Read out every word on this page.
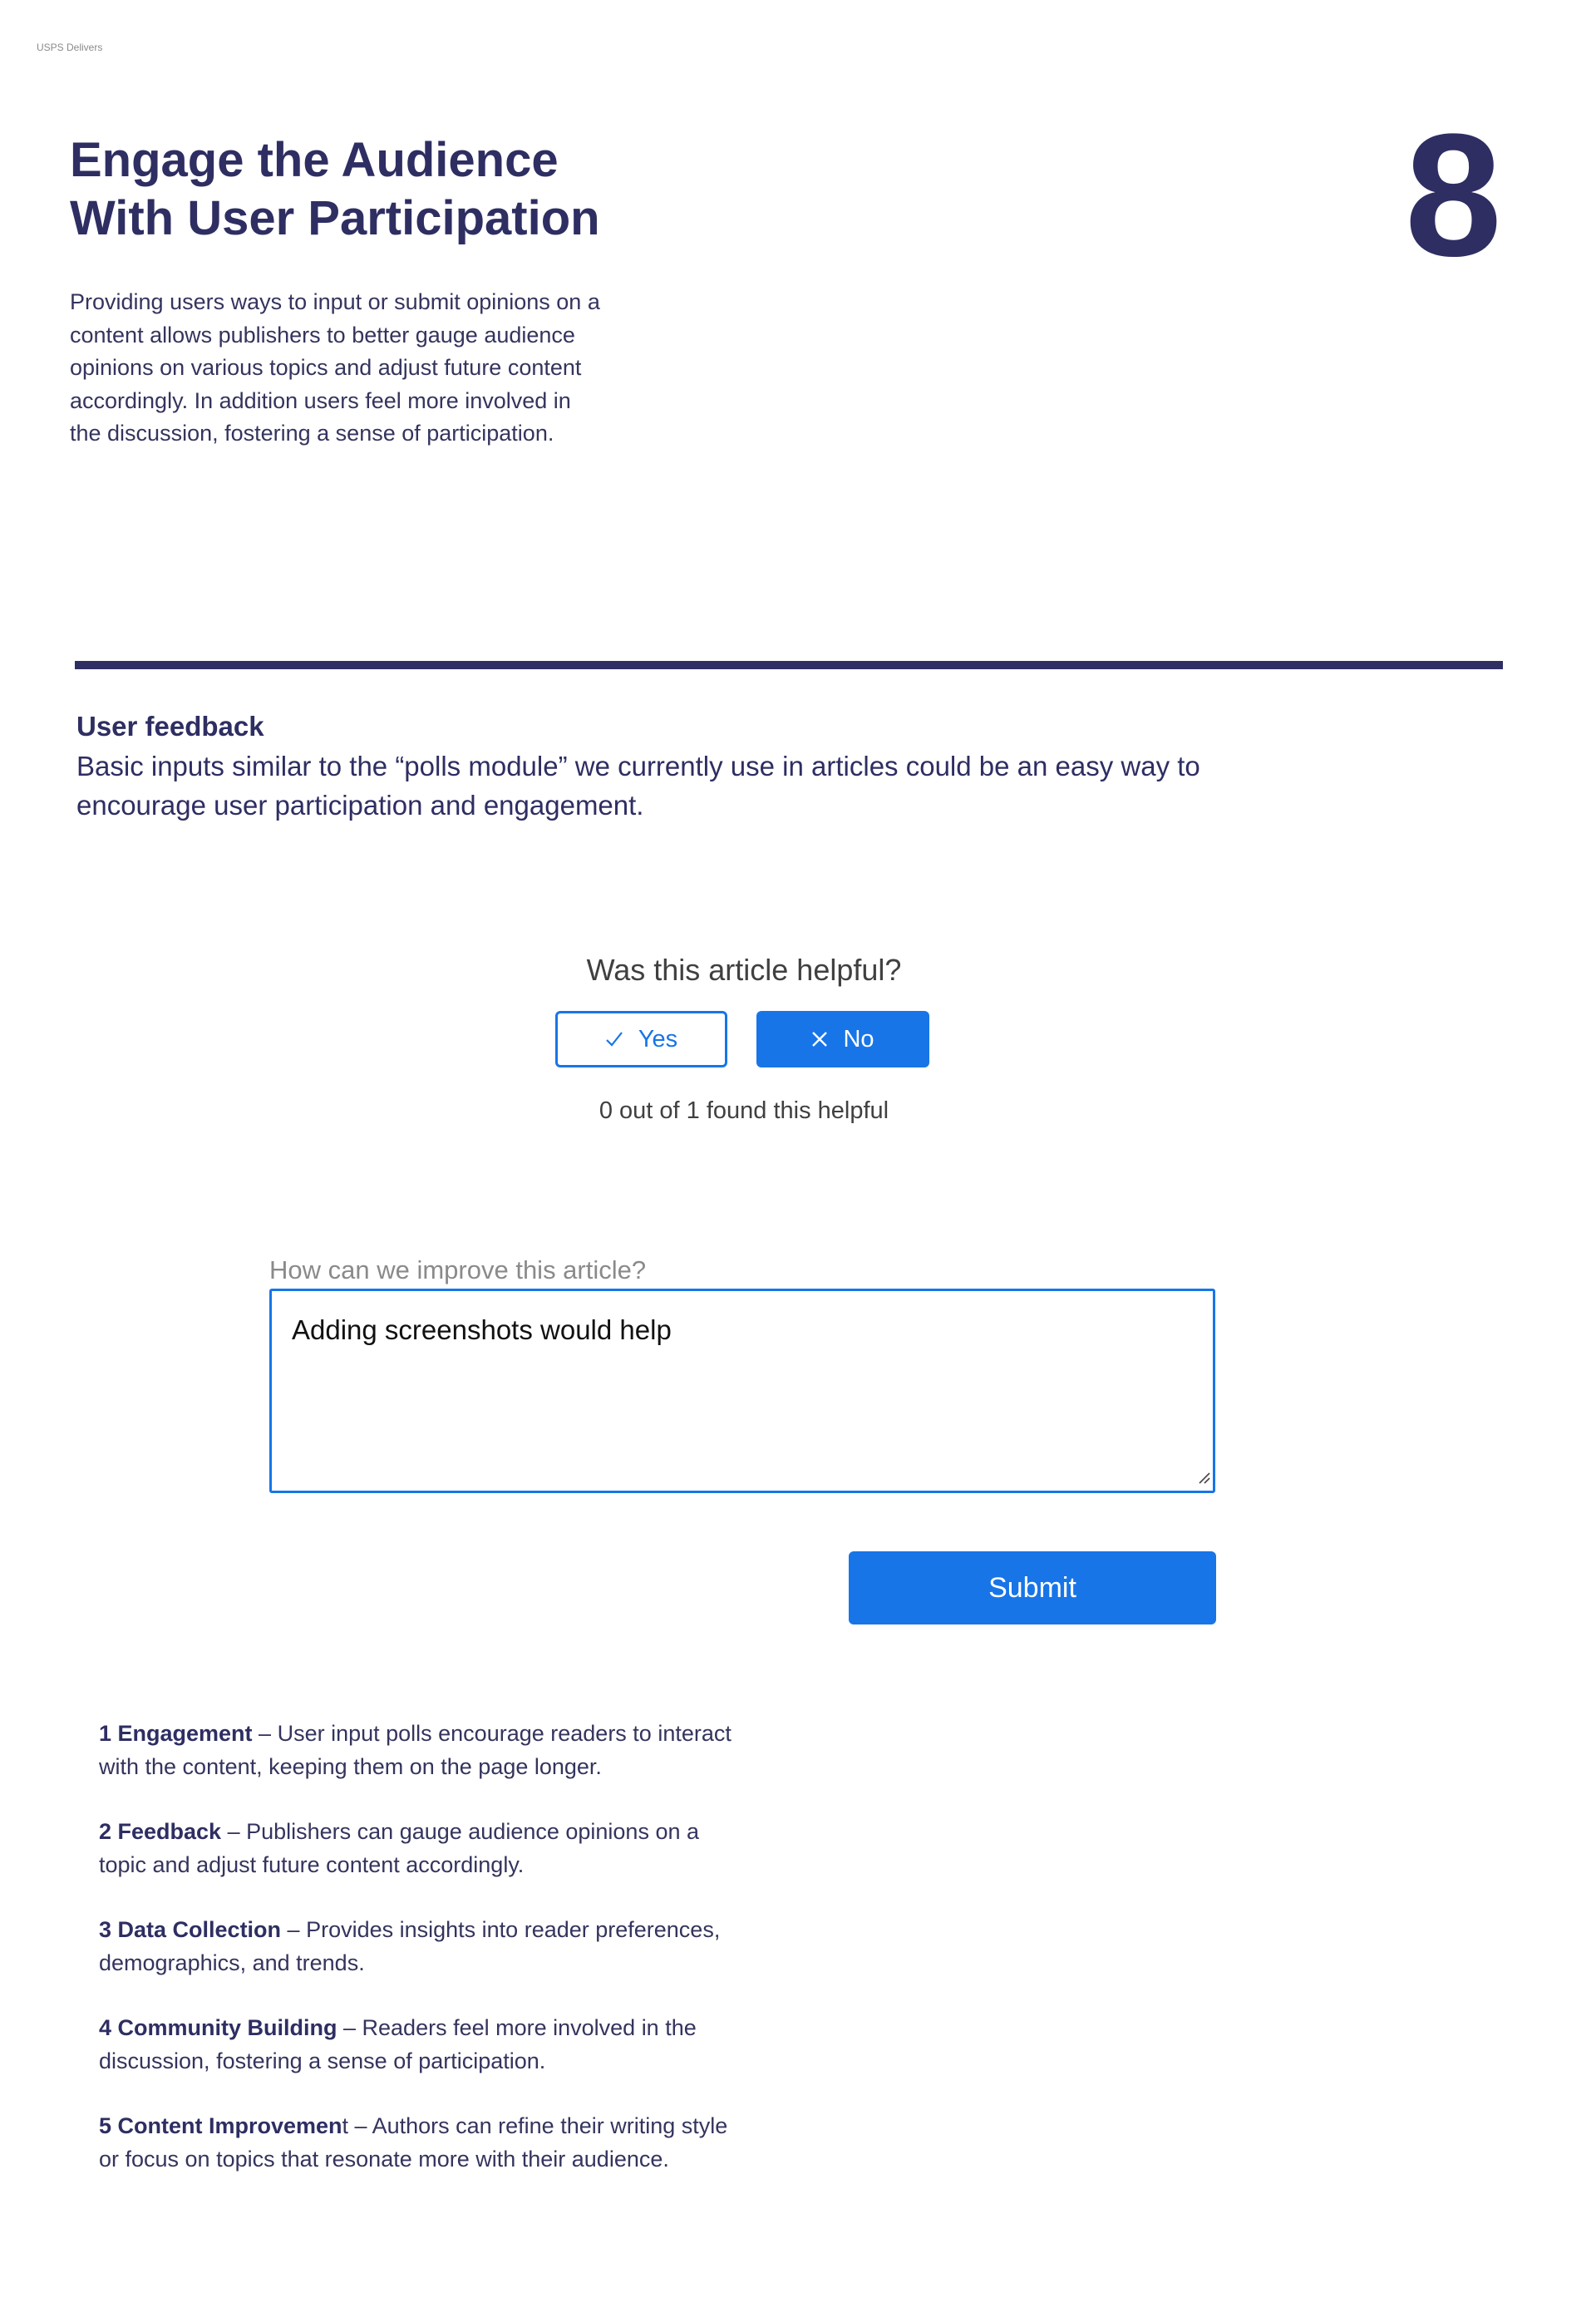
USPS Delivers
Engage the Audience
With User Participation	8

Providing users ways to input or submit opinions on a content allows publishers to better gauge audience opinions on various topics and adjust future content accordingly. In addition users feel more involved in the discussion, fostering a sense of participation.

User feedback

Basic inputs similar to the “polls module” we currently use in articles could be an easy way to encourage user participation and engagement.

Was this article helpful?
Yes	No
0 out of 1 found this helpful
How can we improve this article?
Adding screenshots would help
Submit
1 Engagement – User input polls encourage readers to interact with the content, keeping them on the page longer.
2 Feedback – Publishers can gauge audience opinions on a topic and adjust future content accordingly.
3 Data Collection – Provides insights into reader preferences, demographics, and trends.
4 Community Building – Readers feel more involved in the discussion, fostering a sense of participation.
5 Content Improvement – Authors can refine their writing style or focus on topics that resonate more with their audience.
